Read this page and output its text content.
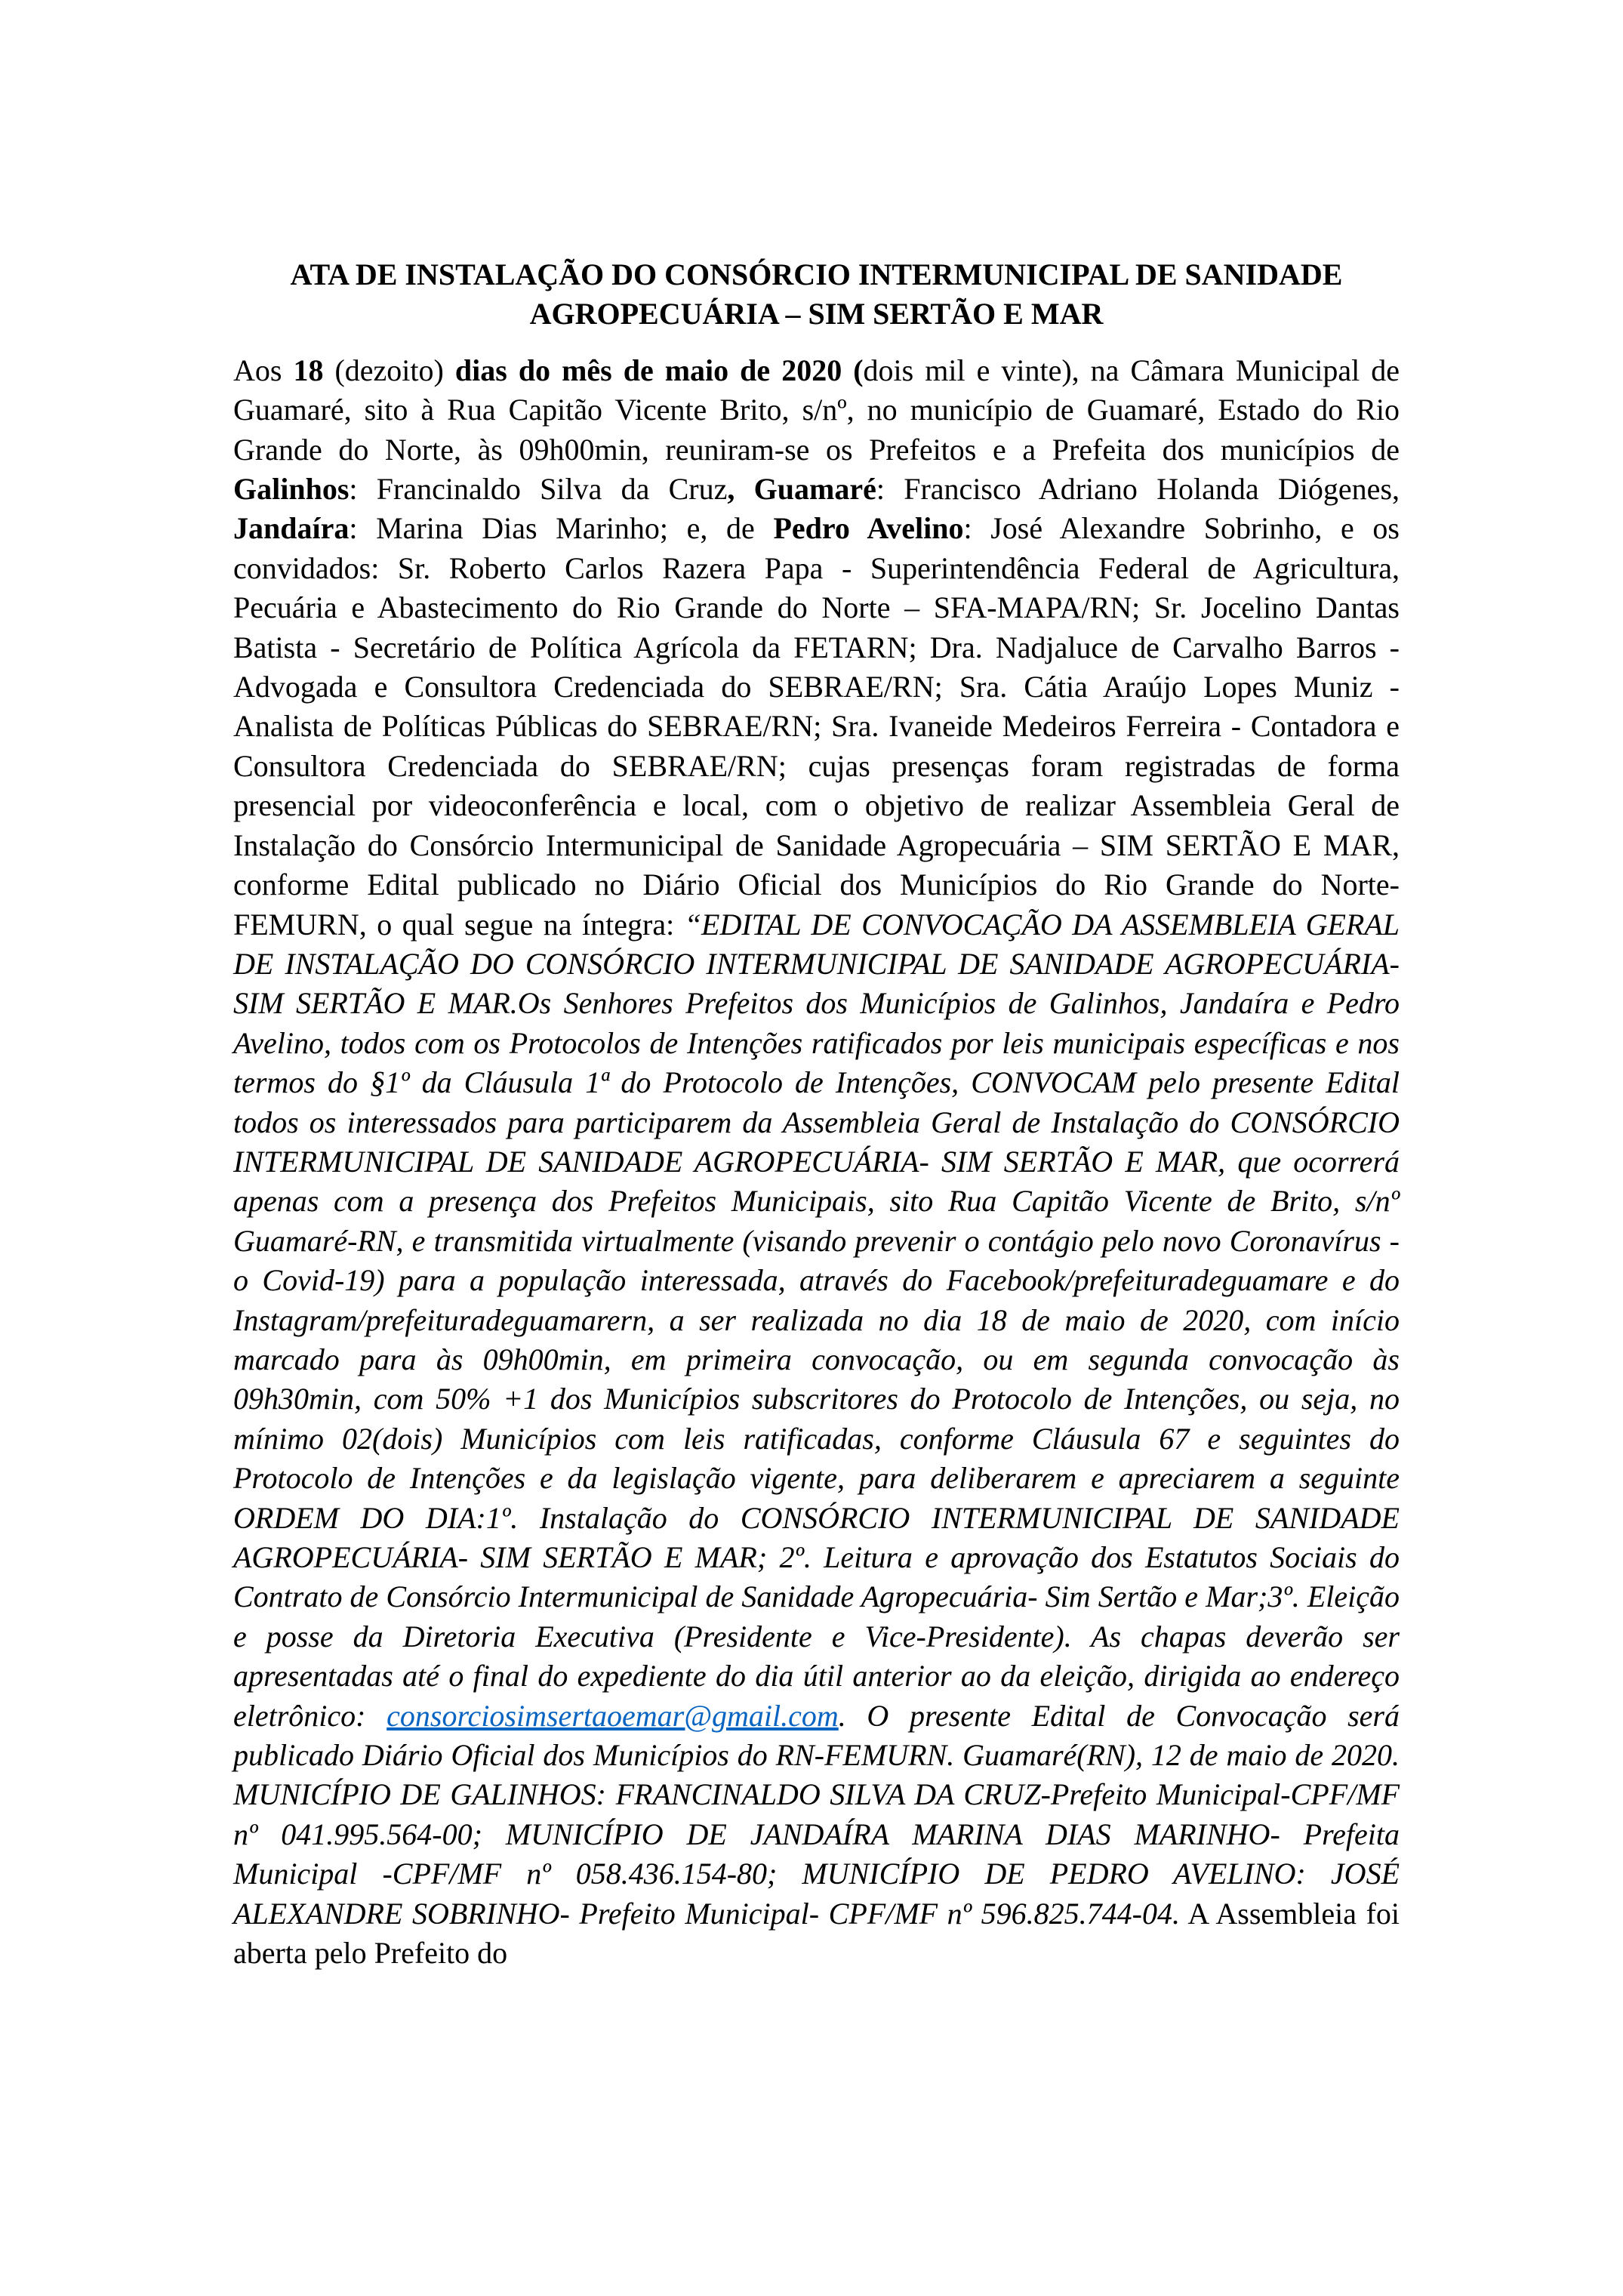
ATA DE INSTALAÇÃO DO CONSÓRCIO INTERMUNICIPAL DE SANIDADE
AGROPECUÁRIA – SIM SERTÃO E MAR

Aos 18 (dezoito) dias do mês de maio de 2020 (dois mil e vinte), na Câmara Municipal de Guamaré, sito à Rua Capitão Vicente Brito, s/nº, no município de Guamaré, Estado do Rio Grande do Norte, às 09h00min, reuniram-se os Prefeitos e a Prefeita dos municípios de Galinhos: Francinaldo Silva da Cruz, Guamaré: Francisco Adriano Holanda Diógenes, Jandaíra: Marina Dias Marinho; e, de Pedro Avelino: José Alexandre Sobrinho, e os convidados: Sr. Roberto Carlos Razera Papa - Superintendência Federal de Agricultura, Pecuária e Abastecimento do Rio Grande do Norte – SFA-MAPA/RN; Sr. Jocelino Dantas Batista - Secretário de Política Agrícola da FETARN; Dra. Nadjaluce de Carvalho Barros - Advogada e Consultora Credenciada do SEBRAE/RN; Sra. Cátia Araújo Lopes Muniz - Analista de Políticas Públicas do SEBRAE/RN; Sra. Ivaneide Medeiros Ferreira - Contadora e Consultora Credenciada do SEBRAE/RN; cujas presenças foram registradas de forma presencial por videoconferência e local, com o objetivo de realizar Assembleia Geral de Instalação do Consórcio Intermunicipal de Sanidade Agropecuária – SIM SERTÃO E MAR, conforme Edital publicado no Diário Oficial dos Municípios do Rio Grande do Norte-FEMURN, o qual segue na íntegra: “EDITAL DE CONVOCAÇÃO DA ASSEMBLEIA GERAL DE INSTALAÇÃO DO CONSÓRCIO INTERMUNICIPAL DE SANIDADE AGROPECUÁRIA- SIM SERTÃO E MAR.Os Senhores Prefeitos dos Municípios de Galinhos, Jandaíra e Pedro Avelino, todos com os Protocolos de Intenções ratificados por leis municipais específicas e nos termos do §1º da Cláusula 1ª do Protocolo de Intenções, CONVOCAM pelo presente Edital todos os interessados para participarem da Assembleia Geral de Instalação do CONSÓRCIO INTERMUNICIPAL DE SANIDADE AGROPECUÁRIA- SIM SERTÃO E MAR, que ocorrerá apenas com a presença dos Prefeitos Municipais, sito Rua Capitão Vicente de Brito, s/nº Guamaré-RN, e transmitida virtualmente (visando prevenir o contágio pelo novo Coronavírus - o Covid-19) para a população interessada, através do Facebook/prefeituradeguamare e do Instagram/prefeituradeguamarern, a ser realizada no dia 18 de maio de 2020, com início marcado para às 09h00min, em primeira convocação, ou em segunda convocação às 09h30min, com 50% +1 dos Municípios subscritores do Protocolo de Intenções, ou seja, no mínimo 02(dois) Municípios com leis ratificadas, conforme Cláusula 67 e seguintes do Protocolo de Intenções e da legislação vigente, para deliberarem e apreciarem a seguinte ORDEM DO DIA:1º. Instalação do CONSÓRCIO INTERMUNICIPAL DE SANIDADE AGROPECUÁRIA- SIM SERTÃO E MAR; 2º. Leitura e aprovação dos Estatutos Sociais do Contrato de Consórcio Intermunicipal de Sanidade Agropecuária- Sim Sertão e Mar;3º. Eleição e posse da Diretoria Executiva (Presidente e Vice-Presidente). As chapas deverão ser apresentadas até o final do expediente do dia útil anterior ao da eleição, dirigida ao endereço eletrônico: consorciosimsertaoemar@gmail.com. O presente Edital de Convocação será publicado Diário Oficial dos Municípios do RN-FEMURN. Guamaré(RN), 12 de maio de 2020. MUNICÍPIO DE GALINHOS: FRANCINALDO SILVA DA CRUZ-Prefeito Municipal-CPF/MF nº 041.995.564-00; MUNICÍPIO DE JANDAÍRA MARINA DIAS MARINHO- Prefeita Municipal -CPF/MF nº 058.436.154-80; MUNICÍPIO DE PEDRO AVELINO: JOSÉ ALEXANDRE SOBRINHO- Prefeito Municipal- CPF/MF nº 596.825.744-04. A Assembleia foi aberta pelo Prefeito do
